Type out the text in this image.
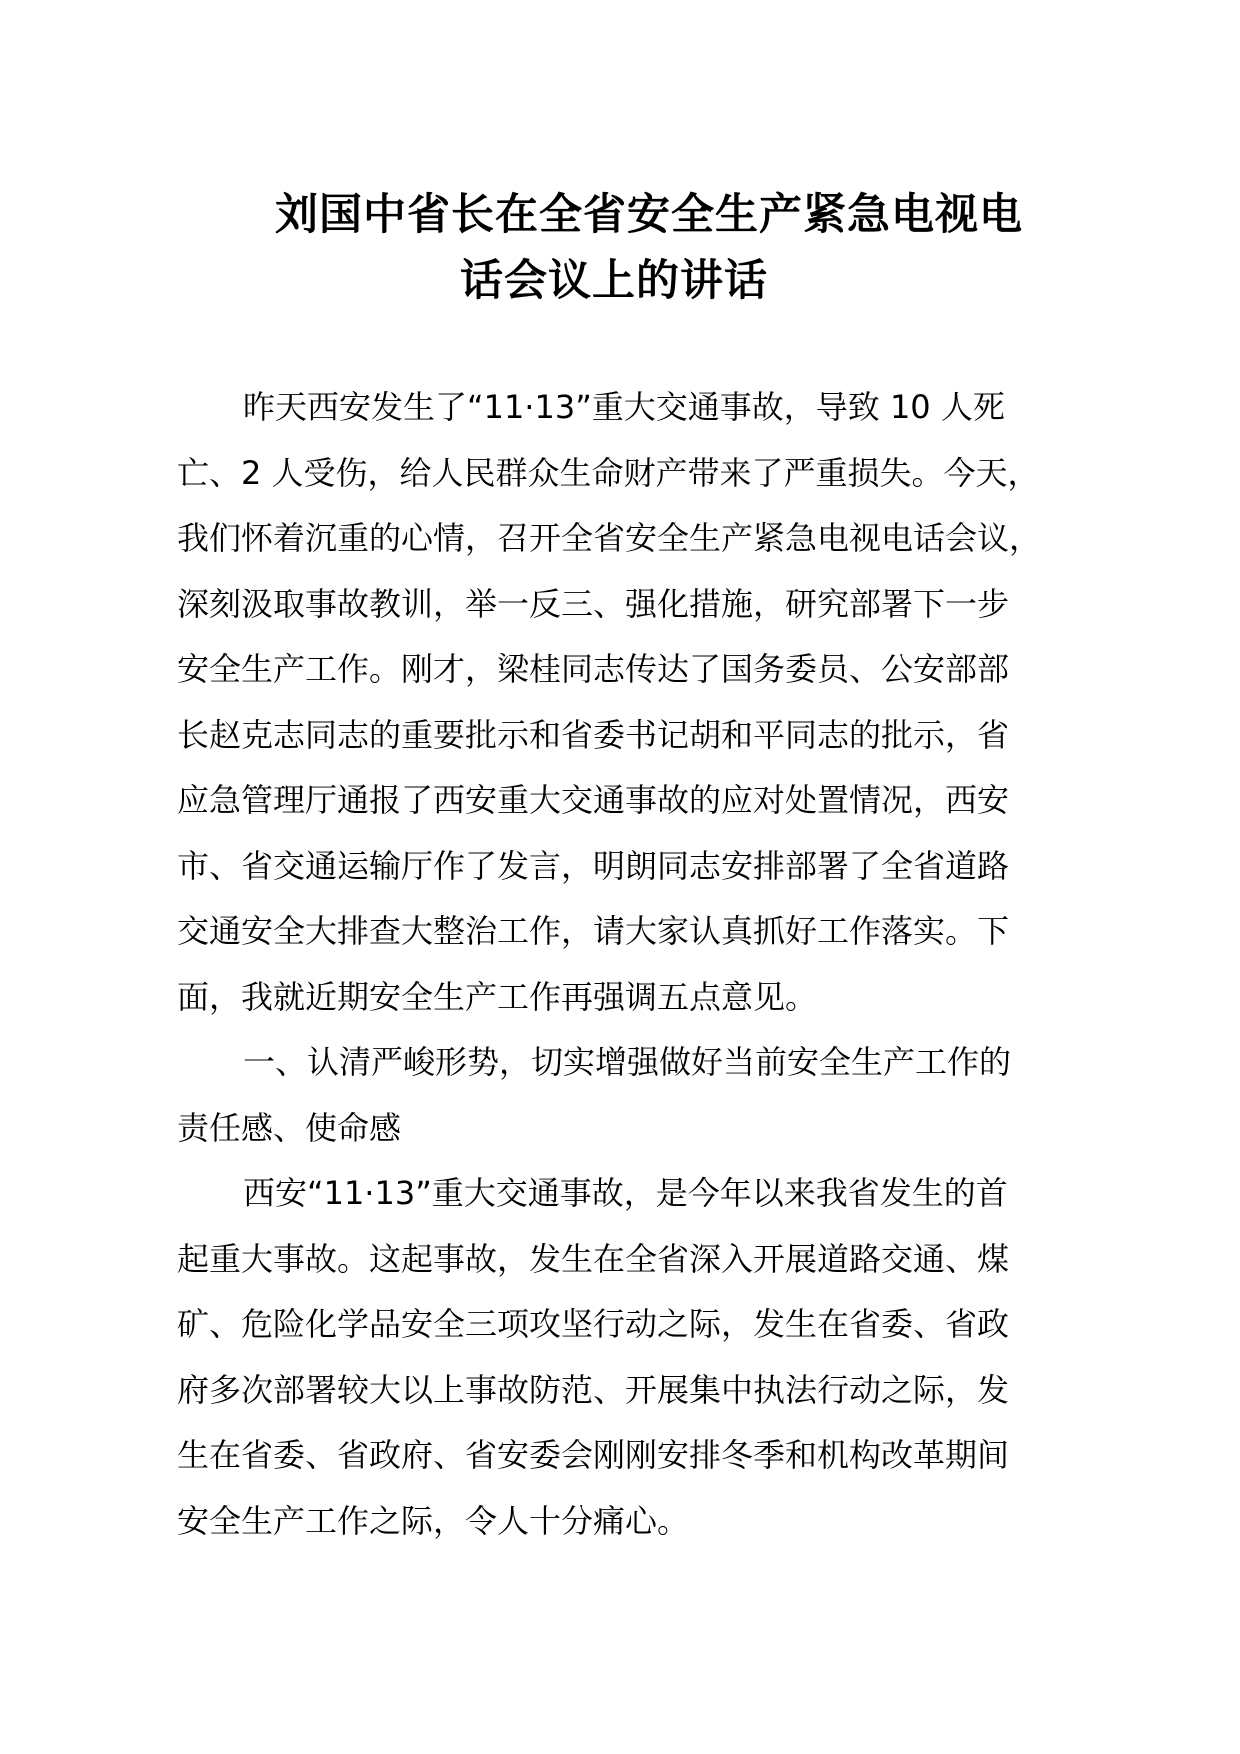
刘国中省长在全省安全生产紧急电视电
话会议上的讲话

昨天西安发生了“11·13”重大交通事故，导致 10 人死
亡、2 人受伤，给人民群众生命财产带来了严重损失。今天，
我们怀着沉重的心情，召开全省安全生产紧急电视电话会议，
深刻汲取事故教训，举一反三、强化措施，研究部署下一步
安全生产工作。刚才，梁桂同志传达了国务委员、公安部部
长赵克志同志的重要批示和省委书记胡和平同志的批示，省
应急管理厅通报了西安重大交通事故的应对处置情况，西安
市、省交通运输厅作了发言，明朗同志安排部署了全省道路
交通安全大排查大整治工作，请大家认真抓好工作落实。下
面，我就近期安全生产工作再强调五点意见。

一、认清严峻形势，切实增强做好当前安全生产工作的
责任感、使命感

西安“11·13”重大交通事故，是今年以来我省发生的首
起重大事故。这起事故，发生在全省深入开展道路交通、煤
矿、危险化学品安全三项攻坚行动之际，发生在省委、省政
府多次部署较大以上事故防范、开展集中执法行动之际，发
生在省委、省政府、省安委会刚刚安排冬季和机构改革期间
安全生产工作之际，令人十分痛心。
